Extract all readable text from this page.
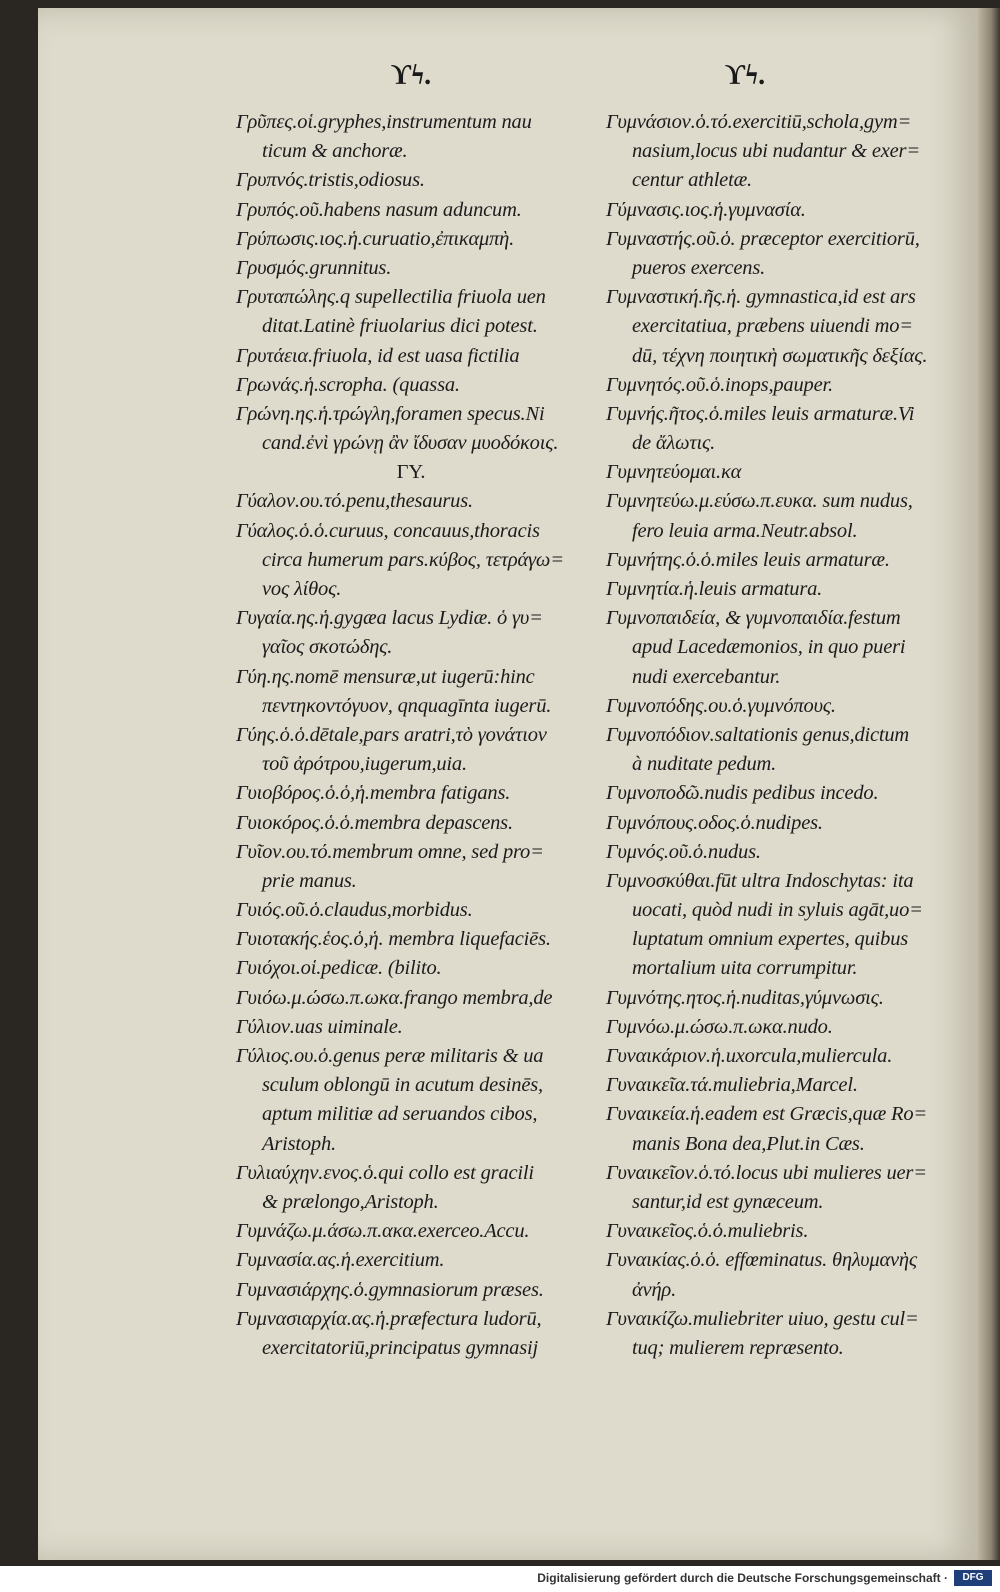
ϒϟ.	ϒϟ.
Γρῦπες.οἱ.gryphes,instrumentum nau
ticum & anchoræ.
Γρυπνός.tristis,odiosus.
Γρυπός.οῦ.habens nasum aduncum.
Γρύπωσις.ιος.ἡ.curuatio,ἐπικαμπὴ.
Γρυσμός.grunnitus.
Γρυταπώλης.q supellectilia friuola uen
ditat.Latinè friuolarius dici potest.
Γρυτάεια.friuola, id est uasa fictilia
Γρωνάς.ἡ.scropha. (quassa.
Γρώνη.ης.ἡ.τρώγλη,foramen specus.Ni
cand.ἐνὶ γρώνῃ ἂν ἴδυσαν μυοδόκοις.
ΓΥ.
Γύαλον.ου.τό.penu,thesaurus.
Γύαλος.ὁ.ὁ.curuus, concauus,thoracis
circa humerum pars.κύβος, τετράγω=
νος λίθος.
Γυγαία.ης.ἡ.gygæa lacus Lydiæ. ὁ γυ=
γαῖος σκοτώδης.
Γύη.ης.nomē mensuræ,ut iugerū:hinc
πεντηκοντόγυον, qnquagīnta iugerū.
Γύης.ὁ.ὁ.dētale,pars aratri,τὸ γονάτιον
τοῦ ἀρότρου,iugerum,uia.
Γυιοβόρος.ὁ.ὁ,ἡ.membra fatigans.
Γυιοκόρος.ὁ.ὁ.membra depascens.
Γυῖον.ου.τό.membrum omne, sed pro=
prie manus.
Γυιός.οῦ.ὁ.claudus,morbidus.
Γυιοτακής.ἑος.ὁ,ἡ. membra liquefaciēs.
Γυιόχοι.οἱ.pedicæ. (bilito.
Γυιόω.μ.ώσω.π.ωκα.frango membra,de
Γύλιον.uas uiminale.
Γύλιος.ου.ὁ.genus peræ militaris & ua
sculum oblongū in acutum desinēs,
aptum militiæ ad seruandos cibos,
Aristoph.
Γυλιαύχην.ενος.ὁ.qui collo est gracili
& prælongo,Aristoph.
Γυμνάζω.μ.άσω.π.ακα.exerceo.Accu.
Γυμνασία.ας.ἡ.exercitium.
Γυμνασιάρχης.ὁ.gymnasiorum præses.
Γυμνασιαρχία.ας.ἡ.præfectura ludorū,
exercitatoriū,principatus gymnasij
Γυμνάσιον.ὁ.τό.exercitiū,schola,gym=
nasium,locus ubi nudantur & exer=
centur athletæ.
Γύμνασις.ιος.ἡ.γυμνασία.
Γυμναστής.οῦ.ὁ. præceptor exercitiorū,
pueros exercens.
Γυμναστική.ῆς.ἡ. gymnastica,id est ars
exercitatiua, præbens uiuendi mo=
dū, τέχνη ποιητικὴ σωματικῆς δεξίας.
Γυμνητός.οῦ.ὁ.inops,pauper.
Γυμνής.ῆτος.ὁ.miles leuis armaturæ.Vi
de ἄλωτις.
Γυμνητεύομαι.κα
Γυμνητεύω.μ.εύσω.π.ευκα. sum nudus,
fero leuia arma.Neutr.absol.
Γυμνήτης.ὁ.ὁ.miles leuis armaturæ.
Γυμνητία.ἡ.leuis armatura.
Γυμνοπαιδεία, & γυμνοπαιδία.festum
apud Lacedæmonios, in quo pueri
nudi exercebantur.
Γυμνοπόδης.ου.ὁ.γυμνόπους.
Γυμνοπόδιον.saltationis genus,dictum
à nuditate pedum.
Γυμνοποδῶ.nudis pedibus incedo.
Γυμνόπους.οδος.ὁ.nudipes.
Γυμνός.οῦ.ὁ.nudus.
Γυμνοσκύθαι.fūt ultra Indoschytas: ita
uocati, quòd nudi in syluis agāt,uo=
luptatum omnium expertes, quibus
mortalium uita corrumpitur.
Γυμνότης.ητος.ἡ.nuditas,γύμνωσις.
Γυμνόω.μ.ώσω.π.ωκα.nudo.
Γυναικάριον.ἡ.uxorcula,muliercula.
Γυναικεῖα.τά.muliebria,Marcel.
Γυναικεία.ἡ.eadem est Græcis,quæ Ro=
manis Bona dea,Plut.in Cæs.
Γυναικεῖον.ὁ.τό.locus ubi mulieres uer=
santur,id est gynæceum.
Γυναικεῖος.ὁ.ὁ.muliebris.
Γυναικίας.ὁ.ὁ. effœminatus. θηλυμανὴς
ἀνήρ.
Γυναικίζω.muliebriter uiuo, gestu cul=
tuq; mulierem repræsento.
Digitalisierung gefördert durch die Deutsche Forschungsgemeinschaft ·	DFG
